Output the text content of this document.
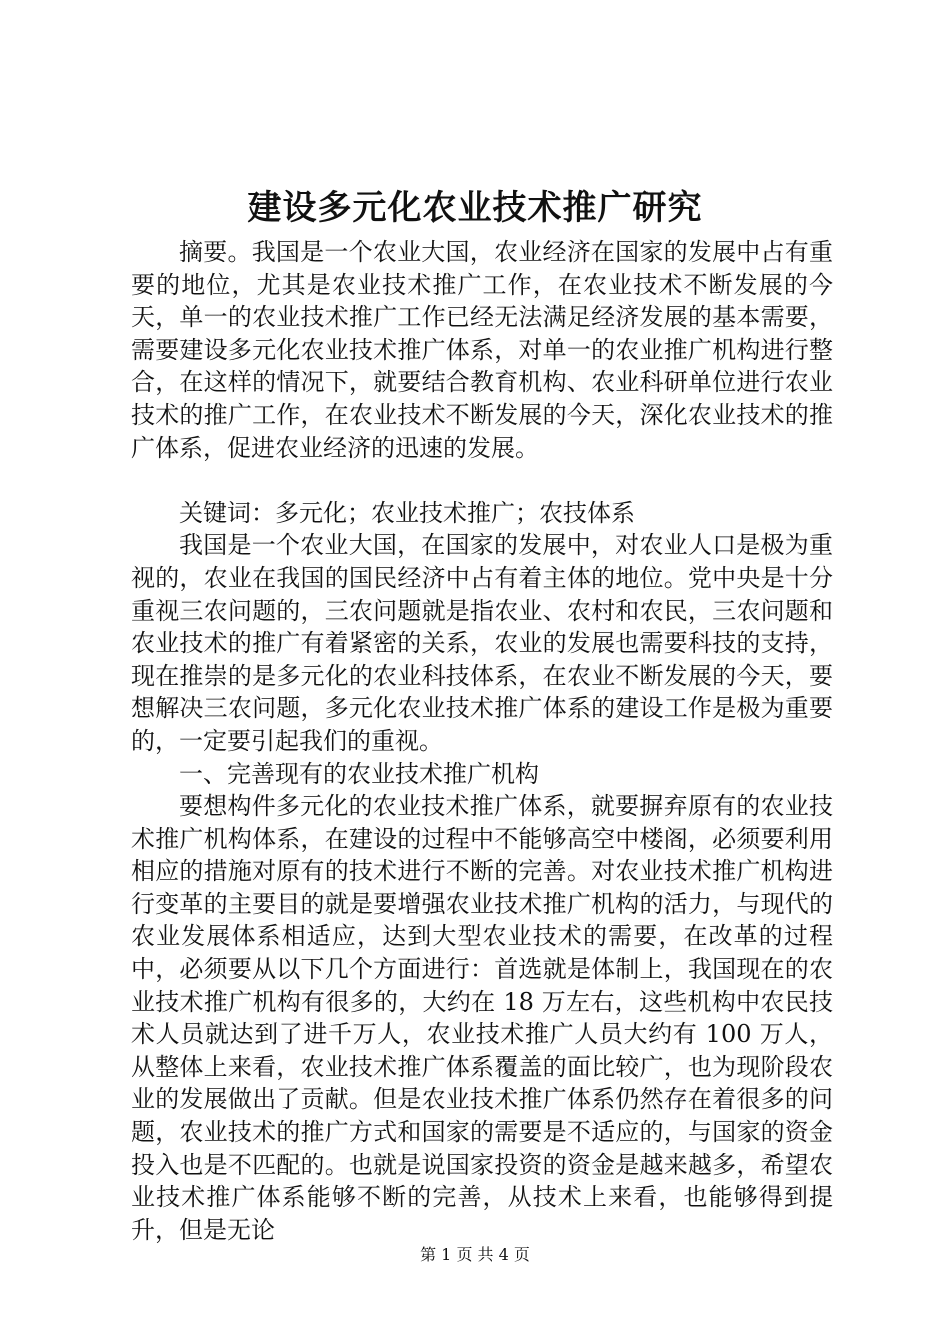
建设多元化农业技术推广研究

摘要。我国是一个农业大国，农业经济在国家的发展中占有重要的地位，尤其是农业技术推广工作，在农业技术不断发展的今天，单一的农业技术推广工作已经无法满足经济发展的基本需要，需要建设多元化农业技术推广体系，对单一的农业推广机构进行整合，在这样的情况下，就要结合教育机构、农业科研单位进行农业技术的推广工作，在农业技术不断发展的今天，深化农业技术的推广体系，促进农业经济的迅速的发展。

关键词：多元化；农业技术推广；农技体系

我国是一个农业大国，在国家的发展中，对农业人口是极为重视的，农业在我国的国民经济中占有着主体的地位。党中央是十分重视三农问题的，三农问题就是指农业、农村和农民，三农问题和农业技术的推广有着紧密的关系，农业的发展也需要科技的支持，现在推崇的是多元化的农业科技体系，在农业不断发展的今天，要想解决三农问题，多元化农业技术推广体系的建设工作是极为重要的，一定要引起我们的重视。

一、完善现有的农业技术推广机构

要想构件多元化的农业技术推广体系，就要摒弃原有的农业技术推广机构体系，在建设的过程中不能够高空中楼阁，必须要利用相应的措施对原有的技术进行不断的完善。对农业技术推广机构进行变革的主要目的就是要增强农业技术推广机构的活力，与现代的农业发展体系相适应，达到大型农业技术的需要，在改革的过程中，必须要从以下几个方面进行：首选就是体制上，我国现在的农业技术推广机构有很多的，大约在 18 万左右，这些机构中农民技术人员就达到了进千万人，农业技术推广人员大约有 100 万人，从整体上来看，农业技术推广体系覆盖的面比较广，也为现阶段农业的发展做出了贡献。但是农业技术推广体系仍然存在着很多的问题，农业技术的推广方式和国家的需要是不适应的，与国家的资金投入也是不匹配的。也就是说国家投资的资金是越来越多，希望农业技术推广体系能够不断的完善，从技术上来看，也能够得到提升，但是无论

第 1 页 共 4 页
